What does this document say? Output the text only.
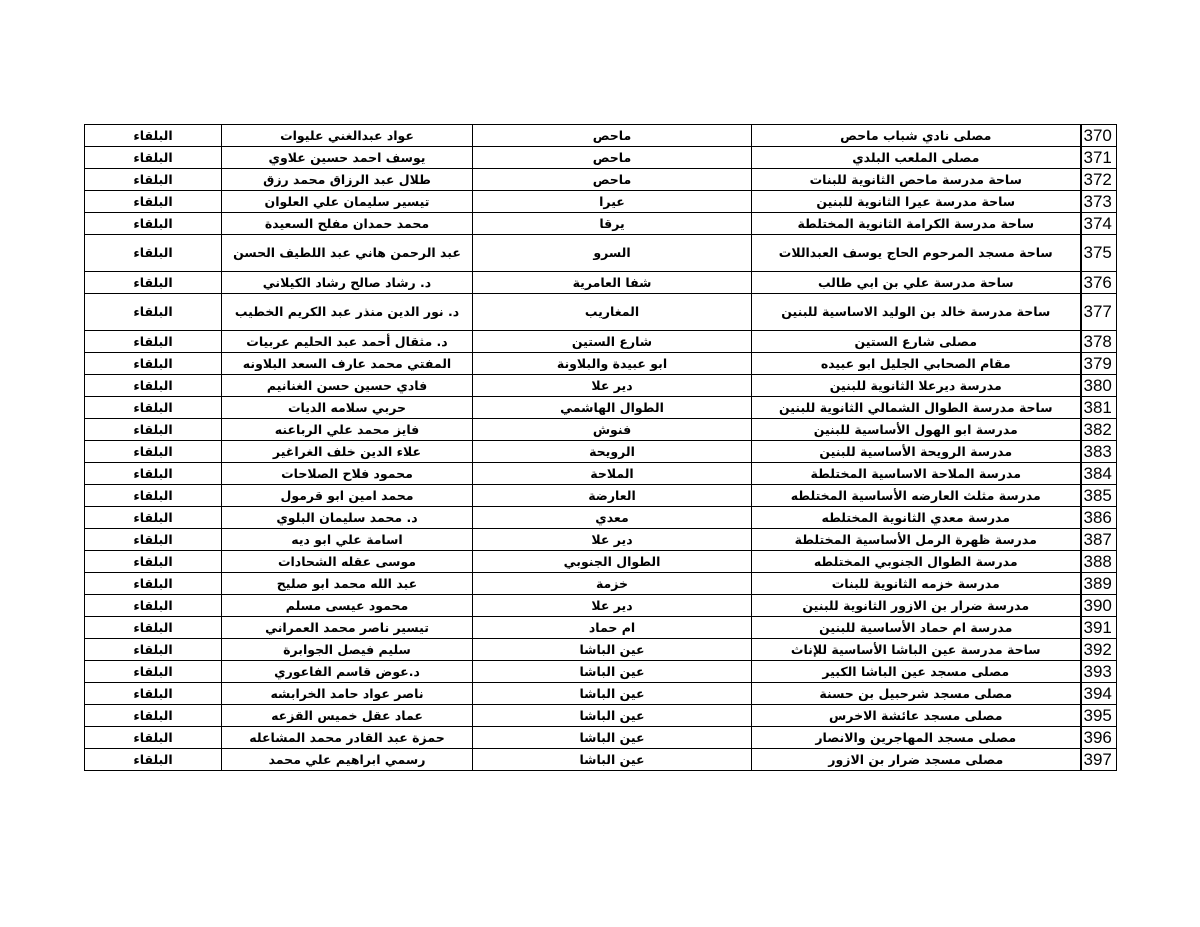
370	مصلى نادي شباب ماحص	ماحص	عواد عبدالغني عليوات	البلقاء
371	مصلى الملعب البلدي	ماحص	يوسف احمد حسين علاوي	البلقاء
372	ساحة مدرسة ماحص الثانوية للبنات	ماحص	طلال عبد الرزاق محمد رزق	البلقاء
373	ساحة مدرسة عيرا الثانوية للبنين	عيرا	تيسير سليمان علي العلوان	البلقاء
374	ساحة مدرسة الكرامة الثانوية المختلطة	يرقا	محمد حمدان مفلح السعيدة	البلقاء
375	ساحة مسجد المرحوم الحاج يوسف العبداللات	السرو	عبد الرحمن هاني عبد اللطيف الحسن	البلقاء
376	ساحة مدرسة علي بن ابي طالب	شفا العامرية	د. رشاد صالح رشاد الكيلاني	البلقاء
377	ساحة مدرسة خالد بن الوليد الاساسية للبنين	المغاريب	د. نور الدين منذر عبد الكريم الخطيب	البلقاء
378	مصلى شارع الستين	شارع الستين	د. مثقال أحمد عبد الحليم عربيات	البلقاء
379	مقام الصحابي الجليل ابو عبيده	ابو عبيدة والبلاونة	المفتي محمد عارف السعد البلاونه	البلقاء
380	مدرسة ديرعلا الثانوية للبنين	دير علا	فادي حسين حسن الغنانيم	البلقاء
381	ساحة مدرسة الطوال الشمالي الثانوية للبنين	الطوال الهاشمي	حربي سلامه الديات	البلقاء
382	مدرسة ابو الهول الأساسية للبنين	فنوش	فايز محمد علي الرباعنه	البلقاء
383	مدرسة الرويحة الأساسية للبنين	الرويحة	علاء الدين خلف الغراغير	البلقاء
384	مدرسة الملاحة الاساسية المختلطة	الملاحة	محمود فلاح الصلاحات	البلقاء
385	مدرسة مثلث العارضه الأساسية المختلطه	العارضة	محمد امين ابو قرمول	البلقاء
386	مدرسة معدي الثانوية المختلطه	معدي	د. محمد سليمان البلوي	البلقاء
387	مدرسة ظهرة الرمل الأساسية المختلطة	دير علا	اسامة علي ابو ديه	البلقاء
388	مدرسة الطوال الجنوبي المختلطه	الطوال الجنوبي	موسى عقله الشحادات	البلقاء
389	مدرسة خزمه الثانوية للبنات	خزمة	عبد الله محمد ابو صليح	البلقاء
390	مدرسة ضرار بن الازور الثانوية للبنين	دير علا	محمود عيسى مسلم	البلقاء
391	مدرسة ام حماد الأساسية للبنين	ام حماد	تيسير ناصر محمد العمراني	البلقاء
392	ساحة مدرسة عين الباشا الأساسية للإناث	عين الباشا	سليم فيصل الجوابرة	البلقاء
393	مصلى مسجد عين الباشا الكبير	عين الباشا	د.عوض قاسم الفاعوري	البلقاء
394	مصلى مسجد شرحبيل بن حسنة	عين الباشا	ناصر عواد حامد الخرابشه	البلقاء
395	مصلى مسجد عائشة الاخرس	عين الباشا	عماد عقل خميس القزعه	البلقاء
396	مصلى مسجد المهاجرين والانصار	عين الباشا	حمزة عبد القادر محمد المشاعله	البلقاء
397	مصلى مسجد ضرار بن الازور	عين الباشا	رسمي ابراهيم علي محمد	البلقاء
